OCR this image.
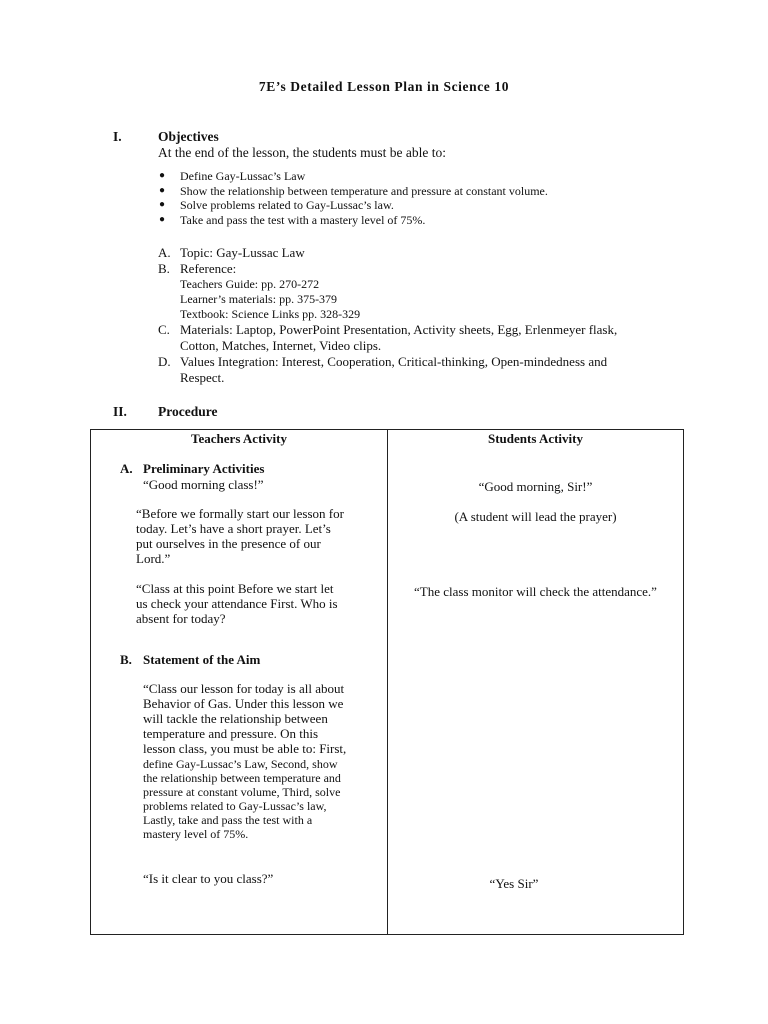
7E’s Detailed Lesson Plan in Science 10
I.	Objectives
At the end of the lesson, the students must be able to:
● Define Gay-Lussac’s Law
● Show the relationship between temperature and pressure at constant volume.
● Solve problems related to Gay-Lussac’s law.
● Take and pass the test with a mastery level of 75%.
A. Topic: Gay-Lussac Law
B. Reference:
Teachers Guide: pp. 270-272
Learner’s materials: pp. 375-379
Textbook: Science Links pp. 328-329
C. Materials: Laptop, PowerPoint Presentation, Activity sheets, Egg, Erlenmeyer flask,
Cotton, Matches, Internet, Video clips.
D. Values Integration: Interest, Cooperation, Critical-thinking, Open-mindedness and
Respect.
II. Procedure
Teachers Activity	Students Activity
A. Preliminary Activities
“Good morning class!”
“Before we formally start our lesson for
today. Let’s have a short prayer. Let’s
put ourselves in the presence of our
Lord.”
“Class at this point Before we start let
us check your attendance First. Who is
absent for today?
B. Statement of the Aim
“Class our lesson for today is all about
Behavior of Gas. Under this lesson we
will tackle the relationship between
temperature and pressure. On this
lesson class, you must be able to: First,
define Gay-Lussac’s Law, Second, show
the relationship between temperature and
pressure at constant volume, Third, solve
problems related to Gay-Lussac’s law,
Lastly, take and pass the test with a
mastery level of 75%.
“Is it clear to you class?”
“Good morning, Sir!”
(A student will lead the prayer)
“The class monitor will check the attendance.”
“Yes Sir”
